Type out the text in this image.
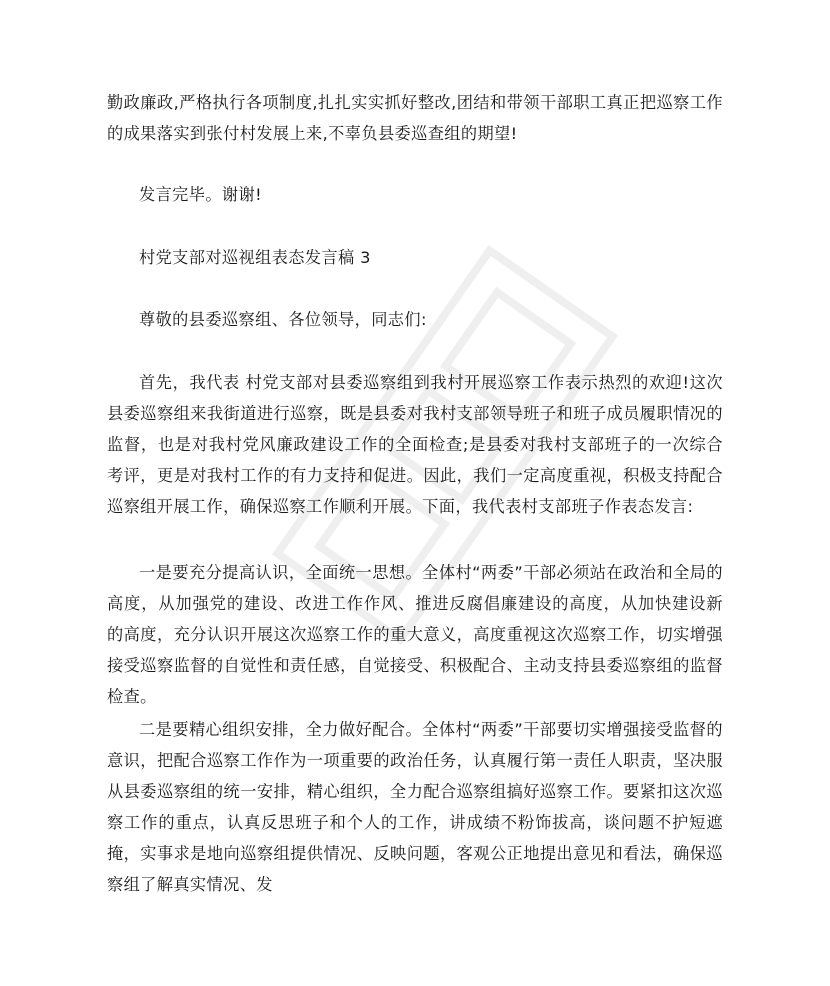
勤政廉政,严格执行各项制度,扎扎实实抓好整改,团结和带领干部职工真正把巡察工作的成果落实到张付村发展上来,不辜负县委巡查组的期望!

发言完毕。谢谢!

村党支部对巡视组表态发言稿 3

尊敬的县委巡察组、各位领导，同志们:

首先，我代表 村党支部对县委巡察组到我村开展巡察工作表示热烈的欢迎!这次县委巡察组来我街道进行巡察，既是县委对我村支部领导班子和班子成员履职情况的监督，也是对我村党风廉政建设工作的全面检查;是县委对我村支部班子的一次综合考评，更是对我村工作的有力支持和促进。因此，我们一定高度重视，积极支持配合巡察组开展工作，确保巡察工作顺利开展。下面，我代表村支部班子作表态发言:

一是要充分提高认识，全面统一思想。全体村“两委”干部必须站在政治和全局的高度，从加强党的建设、改进工作作风、推进反腐倡廉建设的高度，从加快建设新 的高度，充分认识开展这次巡察工作的重大意义，高度重视这次巡察工作，切实增强接受巡察监督的自觉性和责任感，自觉接受、积极配合、主动支持县委巡察组的监督检查。

二是要精心组织安排，全力做好配合。全体村“两委”干部要切实增强接受监督的意识，把配合巡察工作作为一项重要的政治任务，认真履行第一责任人职责，坚决服从县委巡察组的统一安排，精心组织，全力配合巡察组搞好巡察工作。要紧扣这次巡察工作的重点，认真反思班子和个人的工作，讲成绩不粉饰拔高，谈问题不护短遮掩，实事求是地向巡察组提供情况、反映问题，客观公正地提出意见和看法，确保巡察组了解真实情况、发
